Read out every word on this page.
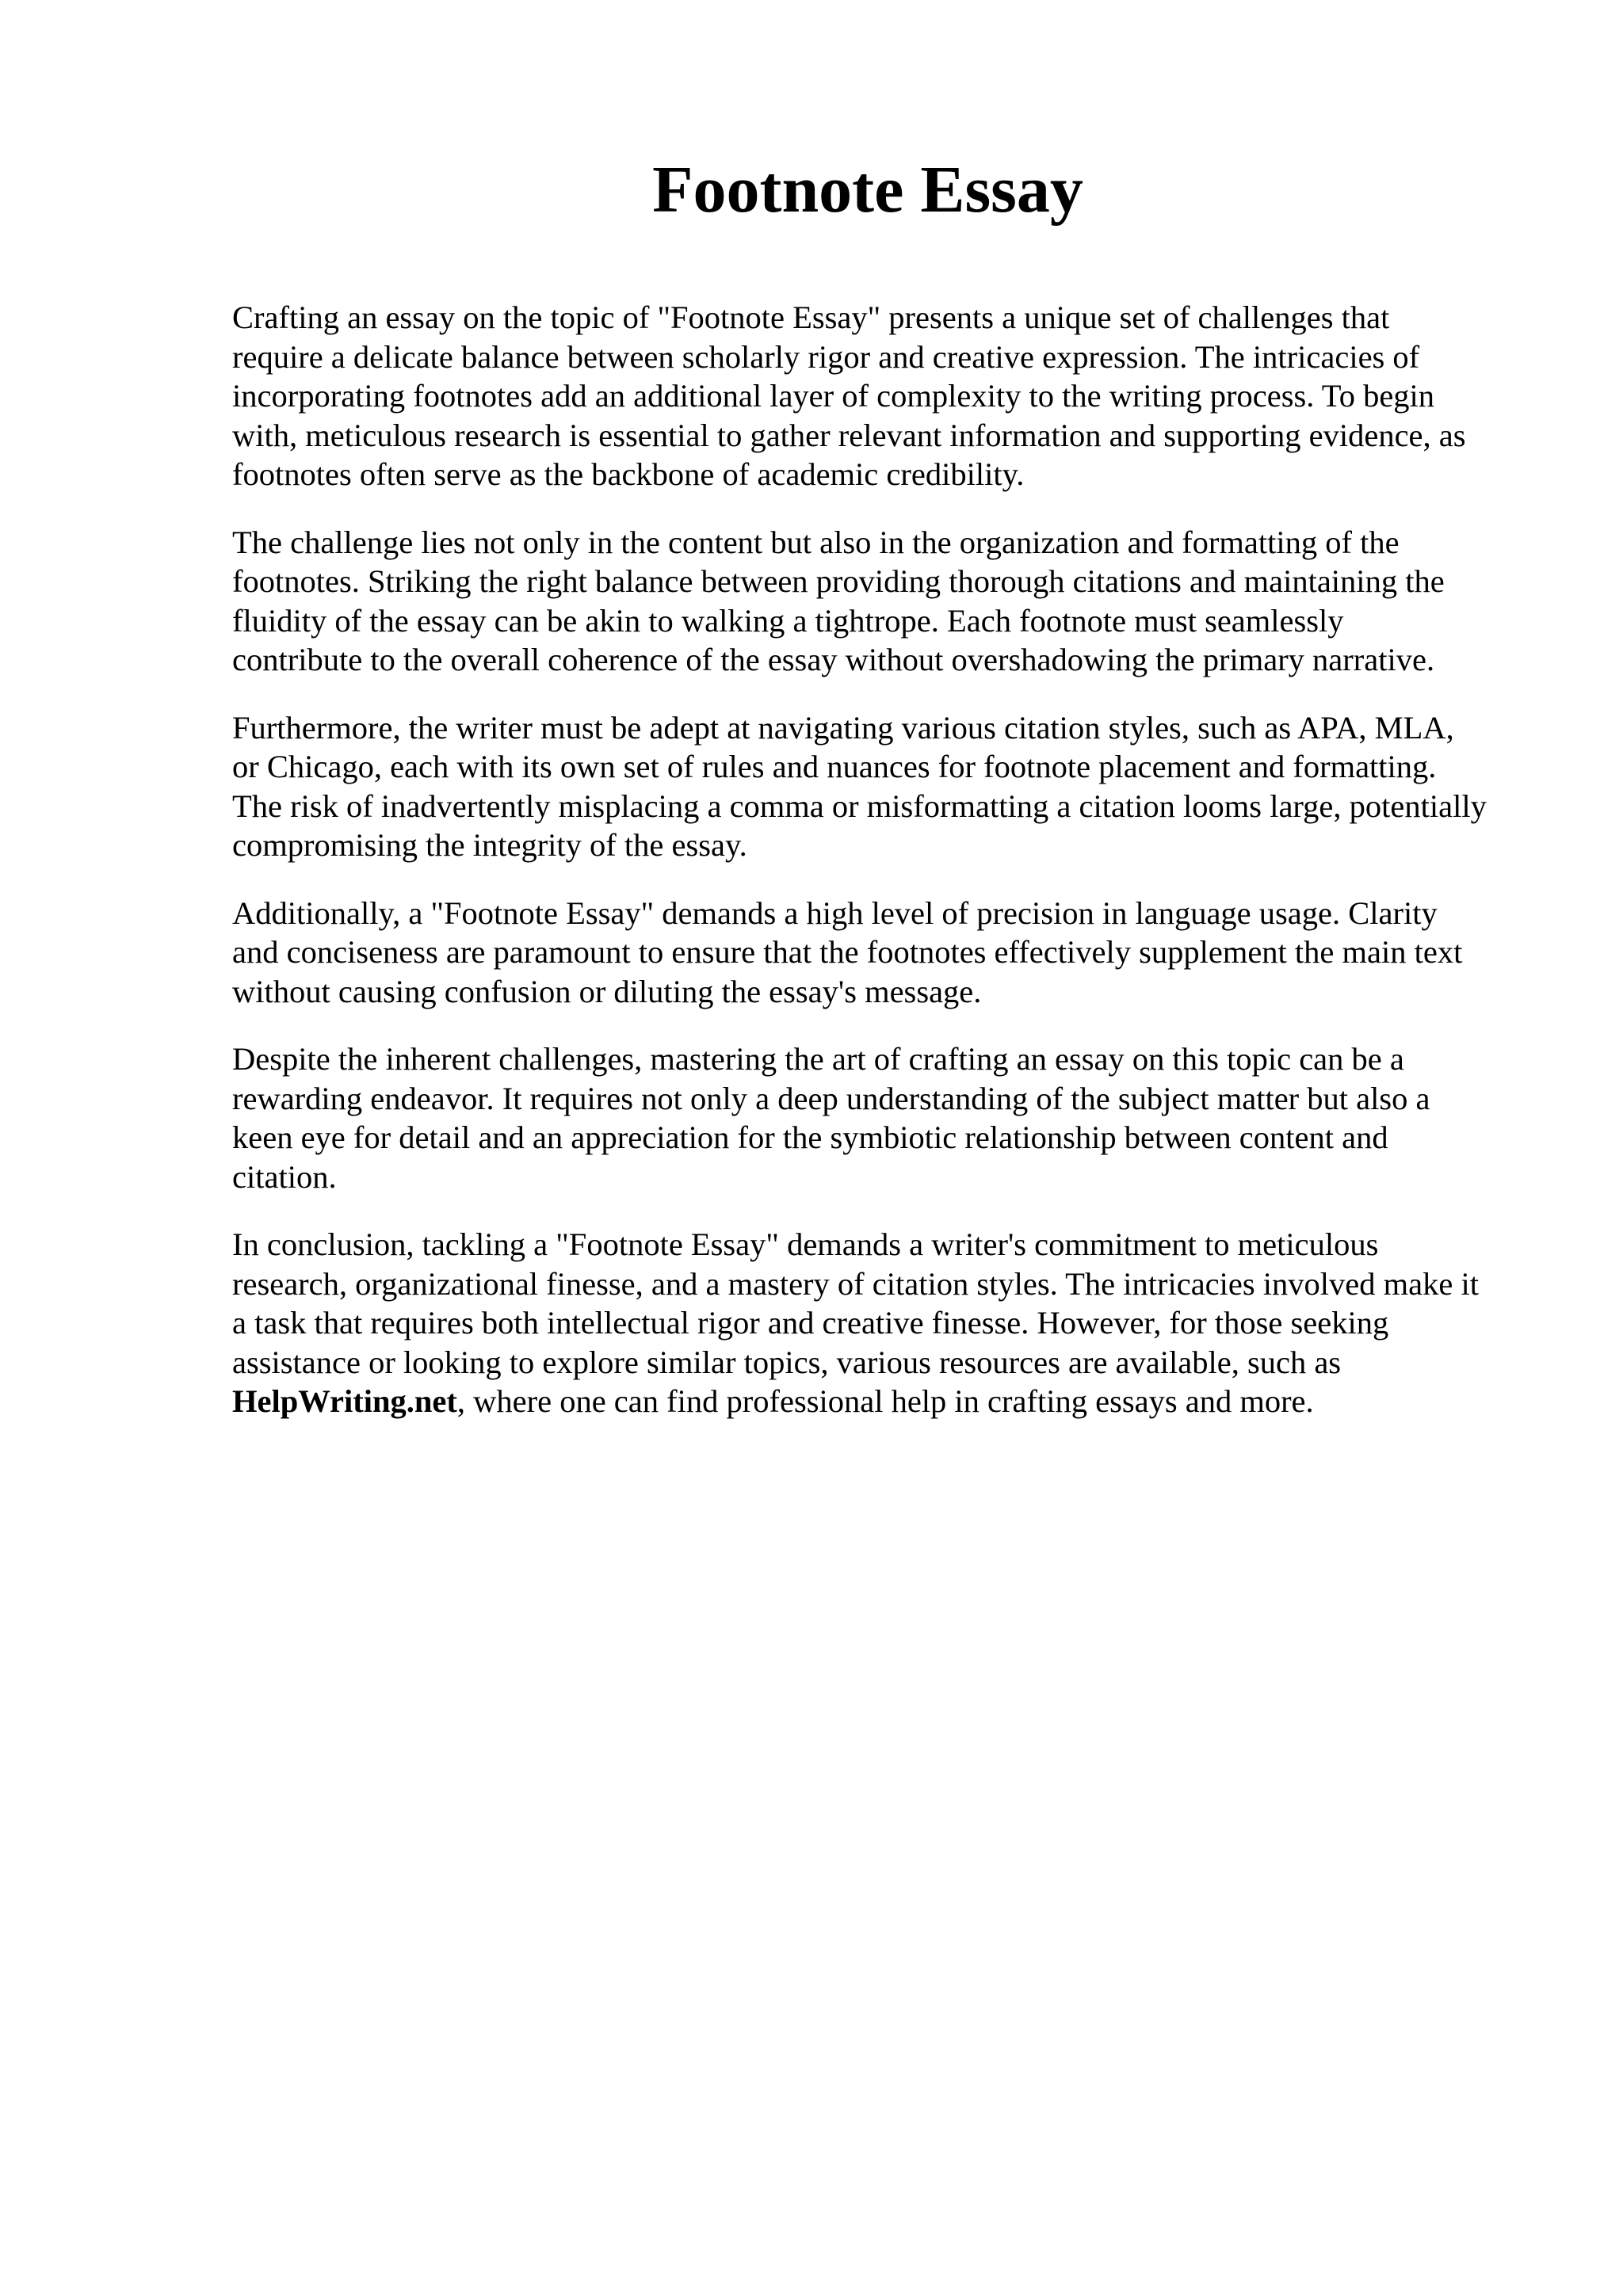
Footnote Essay

Crafting an essay on the topic of "Footnote Essay" presents a unique set of challenges that
require a delicate balance between scholarly rigor and creative expression. The intricacies of
incorporating footnotes add an additional layer of complexity to the writing process. To begin
with, meticulous research is essential to gather relevant information and supporting evidence, as
footnotes often serve as the backbone of academic credibility.

The challenge lies not only in the content but also in the organization and formatting of the
footnotes. Striking the right balance between providing thorough citations and maintaining the
fluidity of the essay can be akin to walking a tightrope. Each footnote must seamlessly
contribute to the overall coherence of the essay without overshadowing the primary narrative.

Furthermore, the writer must be adept at navigating various citation styles, such as APA, MLA,
or Chicago, each with its own set of rules and nuances for footnote placement and formatting.
The risk of inadvertently misplacing a comma or misformatting a citation looms large, potentially
compromising the integrity of the essay.

Additionally, a "Footnote Essay" demands a high level of precision in language usage. Clarity
and conciseness are paramount to ensure that the footnotes effectively supplement the main text
without causing confusion or diluting the essay's message.

Despite the inherent challenges, mastering the art of crafting an essay on this topic can be a
rewarding endeavor. It requires not only a deep understanding of the subject matter but also a
keen eye for detail and an appreciation for the symbiotic relationship between content and
citation.

In conclusion, tackling a "Footnote Essay" demands a writer's commitment to meticulous
research, organizational finesse, and a mastery of citation styles. The intricacies involved make it
a task that requires both intellectual rigor and creative finesse. However, for those seeking
assistance or looking to explore similar topics, various resources are available, such as
HelpWriting.net, where one can find professional help in crafting essays and more.
